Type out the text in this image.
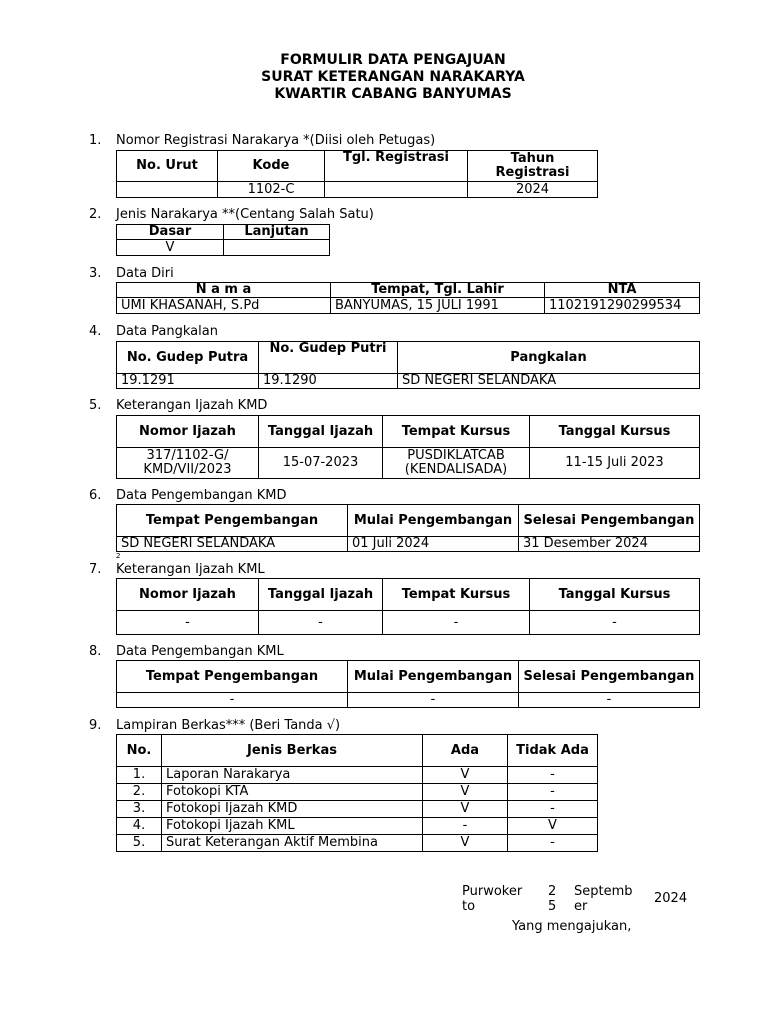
FORMULIR DATA PENGAJUAN
SURAT KETERANGAN NARAKARYA
KWARTIR CABANG BANYUMAS
1. Nomor Registrasi Narakarya *(Diisi oleh Petugas)
No. Urut	Kode	Tgl. Registrasi	Tahun Registrasi
	1102-C		2024
2. Jenis Narakarya **(Centang Salah Satu)
Dasar	Lanjutan
V	
3. Data Diri
N a m a	Tempat, Tgl. Lahir	NTA
UMI KHASANAH, S.Pd	BANYUMAS, 15 JULI 1991	1102191290299534
4. Data Pangkalan
No. Gudep Putra	No. Gudep Putri	Pangkalan
19.1291	19.1290	SD NEGERI SELANDAKA
5. Keterangan Ijazah KMD
Nomor Ijazah	Tanggal Ijazah	Tempat Kursus	Tanggal Kursus
317/1102-G/ KMD/VII/2023	15-07-2023	PUSDIKLATCAB (KENDALISADA)	11-15 Juli 2023
6. Data Pengembangan KMD
Tempat Pengembangan	Mulai Pengembangan	Selesai Pengembangan
SD NEGERI SELANDAKA	01 Juli 2024	31 Desember 2024
2
7. Keterangan Ijazah KML
Nomor Ijazah	Tanggal Ijazah	Tempat Kursus	Tanggal Kursus
-	-	-	-
8. Data Pengembangan KML
Tempat Pengembangan	Mulai Pengembangan	Selesai Pengembangan
-	-	-
9. Lampiran Berkas*** (Beri Tanda √)
No.	Jenis Berkas	Ada	Tidak Ada
1.	Laporan Narakarya	V	-
2.	Fotokopi KTA	V	-
3.	Fotokopi Ijazah KMD	V	-
4.	Fotokopi Ijazah KML	-	V
5.	Surat Keterangan Aktif Membina	V	-
Purwoker
to
2
5
Septemb
er
2024
Yang mengajukan,
